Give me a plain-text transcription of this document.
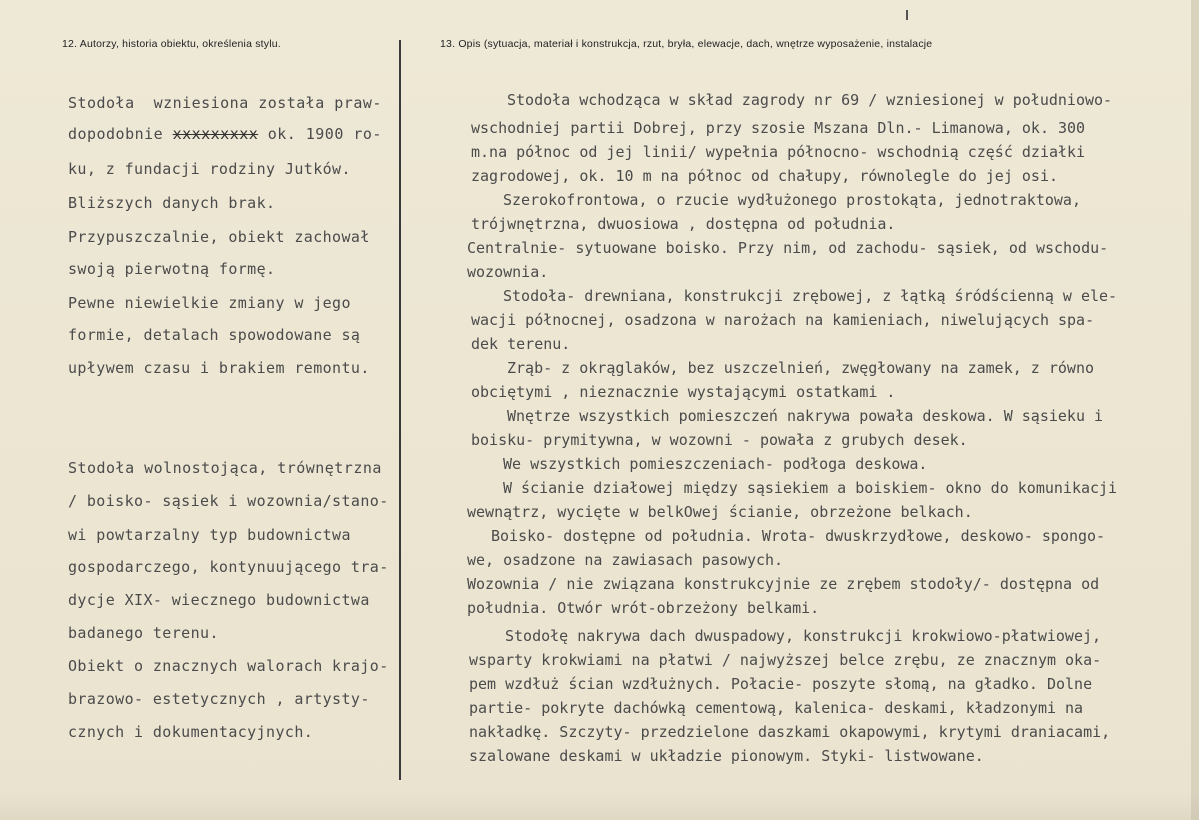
12. Autorzy, historia obiektu, określenia stylu.	13. Opis (sytuacja, materiał i konstrukcja, rzut, bryła, elewacje, dach, wnętrze wyposażenie, instalacje
Stodoła  wzniesiona została praw-
dopodobnie xxxxxxxxx ok. 1900 ro-
ku, z fundacji rodziny Jutków.
Bliższych danych brak.
Przypuszczalnie, obiekt zachował
swoją pierwotną formę.
Pewne niewielkie zmiany w jego
formie, detalach spowodowane są
upływem czasu i brakiem remontu.
Stodoła wolnostojąca, trównętrzna
/ boisko- sąsiek i wozownia/stano-
wi powtarzalny typ budownictwa
gospodarczego, kontynuującego tra-
dycje XIX- wiecznego budownictwa
badanego terenu.
Obiekt o znacznych walorach krajo-
brazowo- estetycznych , artysty-
cznych i dokumentacyjnych.
Stodoła wchodząca w skład zagrody nr 69 / wzniesionej w południowo-
wschodniej partii Dobrej, przy szosie Mszana Dln.- Limanowa, ok. 300
m.na północ od jej linii/ wypełnia północno- wschodnią część działki
zagrodowej, ok. 10 m na północ od chałupy, równolegle do jej osi.
Szerokofrontowa, o rzucie wydłużonego prostokąta, jednotraktowa,
trójwnętrzna, dwuosiowa , dostępna od południa.
Centralnie- sytuowane boisko. Przy nim, od zachodu- sąsiek, od wschodu-
wozownia.
Stodoła- drewniana, konstrukcji zrębowej, z łątką śródścienną w ele-
wacji północnej, osadzona w narożach na kamieniach, niwelujących spa-
dek terenu.
Zrąb- z okrąglaków, bez uszczelnień, zwęgłowany na zamek, z równo
obciętymi , nieznacznie wystającymi ostatkami .
Wnętrze wszystkich pomieszczeń nakrywa powała deskowa. W sąsieku i
boisku- prymitywna, w wozowni - powała z grubych desek.
We wszystkich pomieszczeniach- podłoga deskowa.
W ścianie działowej między sąsiekiem a boiskiem- okno do komunikacji
wewnątrz, wycięte w belkOwej ścianie, obrzeżone belkach.
Boisko- dostępne od południa. Wrota- dwuskrzydłowe, deskowo- spongo-
we, osadzone na zawiasach pasowych.
Wozownia / nie związana konstrukcyjnie ze zrębem stodoły/- dostępna od
południa. Otwór wrót-obrzeżony belkami.
Stodołę nakrywa dach dwuspadowy, konstrukcji krokwiowo-płatwiowej,
wsparty krokwiami na płatwi / najwyższej belce zrębu, ze znacznym oka-
pem wzdłuż ścian wzdłużnych. Połacie- poszyte słomą, na gładko. Dolne
partie- pokryte dachówką cementową, kalenica- deskami, kładzonymi na
nakładkę. Szczyty- przedzielone daszkami okapowymi, krytymi draniacami,
szalowane deskami w układzie pionowym. Styki- listwowane.
